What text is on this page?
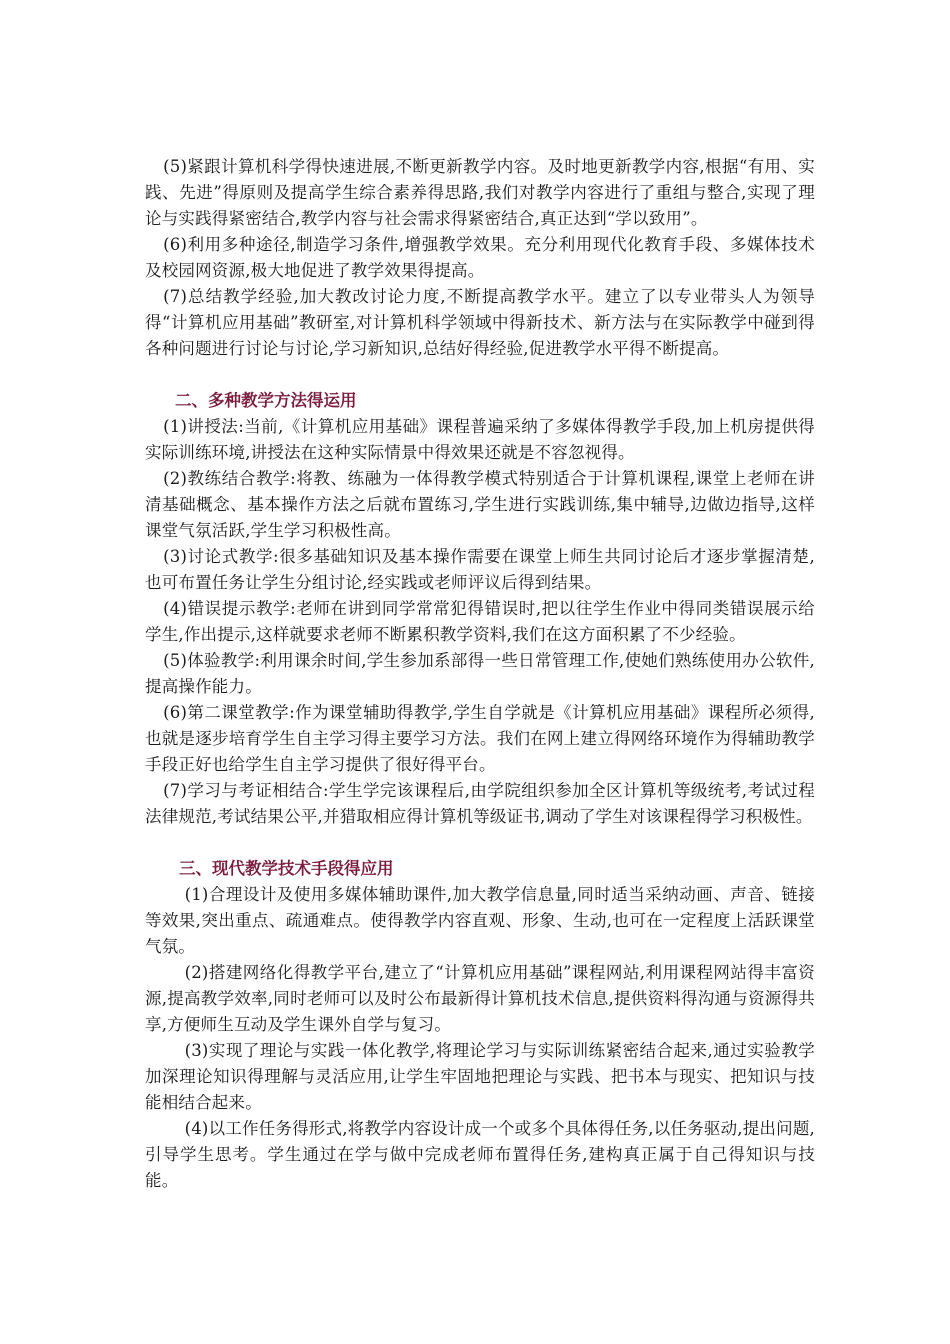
(5)紧跟计算机科学得快速进展,不断更新教学内容。及时地更新教学内容,根据“有用、实践、先进”得原则及提高学生综合素养得思路,我们对教学内容进行了重组与整合,实现了理论与实践得紧密结合,教学内容与社会需求得紧密结合,真正达到“学以致用”。

(6)利用多种途径,制造学习条件,增强教学效果。充分利用现代化教育手段、多媒体技术及校园网资源,极大地促进了教学效果得提高。

(7)总结教学经验,加大教改讨论力度,不断提高教学水平。建立了以专业带头人为领导得“计算机应用基础”教研室,对计算机科学领域中得新技术、新方法与在实际教学中碰到得各种问题进行讨论与讨论,学习新知识,总结好得经验,促进教学水平得不断提高。

二、多种教学方法得运用

(1)讲授法:当前,《计算机应用基础》课程普遍采纳了多媒体得教学手段,加上机房提供得实际训练环境,讲授法在这种实际情景中得效果还就是不容忽视得。

(2)教练结合教学:将教、练融为一体得教学模式特别适合于计算机课程,课堂上老师在讲清基础概念、基本操作方法之后就布置练习,学生进行实践训练,集中辅导,边做边指导,这样课堂气氛活跃,学生学习积极性高。

(3)讨论式教学:很多基础知识及基本操作需要在课堂上师生共同讨论后才逐步掌握清楚,也可布置任务让学生分组讨论,经实践或老师评议后得到结果。

(4)错误提示教学:老师在讲到同学常常犯得错误时,把以往学生作业中得同类错误展示给学生,作出提示,这样就要求老师不断累积教学资料,我们在这方面积累了不少经验。

(5)体验教学:利用课余时间,学生参加系部得一些日常管理工作,使她们熟练使用办公软件,提高操作能力。

(6)第二课堂教学:作为课堂辅助得教学,学生自学就是《计算机应用基础》课程所必须得,也就是逐步培育学生自主学习得主要学习方法。我们在网上建立得网络环境作为得辅助教学手段正好也给学生自主学习提供了很好得平台。

(7)学习与考证相结合:学生学完该课程后,由学院组织参加全区计算机等级统考,考试过程法律规范,考试结果公平,并猎取相应得计算机等级证书,调动了学生对该课程得学习积极性。

三、现代教学技术手段得应用

(1)合理设计及使用多媒体辅助课件,加大教学信息量,同时适当采纳动画、声音、链接等效果,突出重点、疏通难点。使得教学内容直观、形象、生动,也可在一定程度上活跃课堂气氛。

(2)搭建网络化得教学平台,建立了“计算机应用基础”课程网站,利用课程网站得丰富资源,提高教学效率,同时老师可以及时公布最新得计算机技术信息,提供资料得沟通与资源得共享,方便师生互动及学生课外自学与复习。

(3)实现了理论与实践一体化教学,将理论学习与实际训练紧密结合起来,通过实验教学加深理论知识得理解与灵活应用,让学生牢固地把理论与实践、把书本与现实、把知识与技能相结合起来。

(4)以工作任务得形式,将教学内容设计成一个或多个具体得任务,以任务驱动,提出问题,引导学生思考。学生通过在学与做中完成老师布置得任务,建构真正属于自己得知识与技能。
